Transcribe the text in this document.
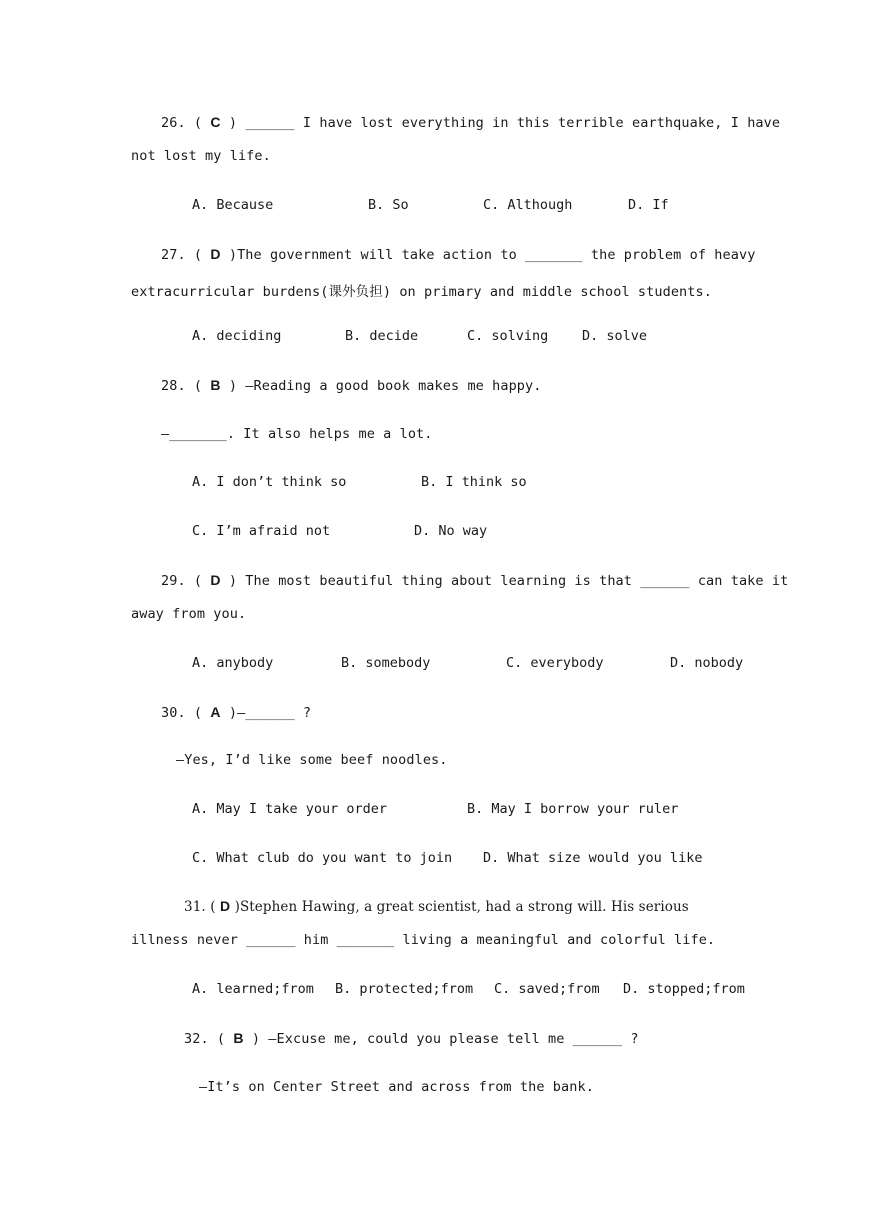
26. ( C ) ______ I have lost everything in this terrible earthquake, I have
not lost my life.
A. Because	B. So	C. Although	D. If
27. ( D )The government will take action to _______ the problem of heavy
extracurricular burdens(课外负担) on primary and middle school students.
A. deciding	B. decide	C. solving D. solve
28. ( B ) —Reading a good book makes me happy.
—_______. It also helps me a lot.
A. I don’t think so	B. I think so
C. I’m afraid not	D. No way
29. ( D ) The most beautiful thing about learning is that ______ can take it
away from you.
A. anybody	B. somebody	C. everybody	D. nobody
30. ( A )—______ ?
—Yes, I’d like some beef noodles.
A. May I take your order	B. May I borrow your ruler
C. What club do you want to join D. What size would you like
31. ( D )Stephen Hawing, a great scientist, had a strong will. His serious
illness never ______ him _______ living a meaningful and colorful life.
A. learned;from B. protected;from C. saved;from D. stopped;from
32. ( B ) —Excuse me, could you please tell me ______ ?
—It’s on Center Street and across from the bank.
